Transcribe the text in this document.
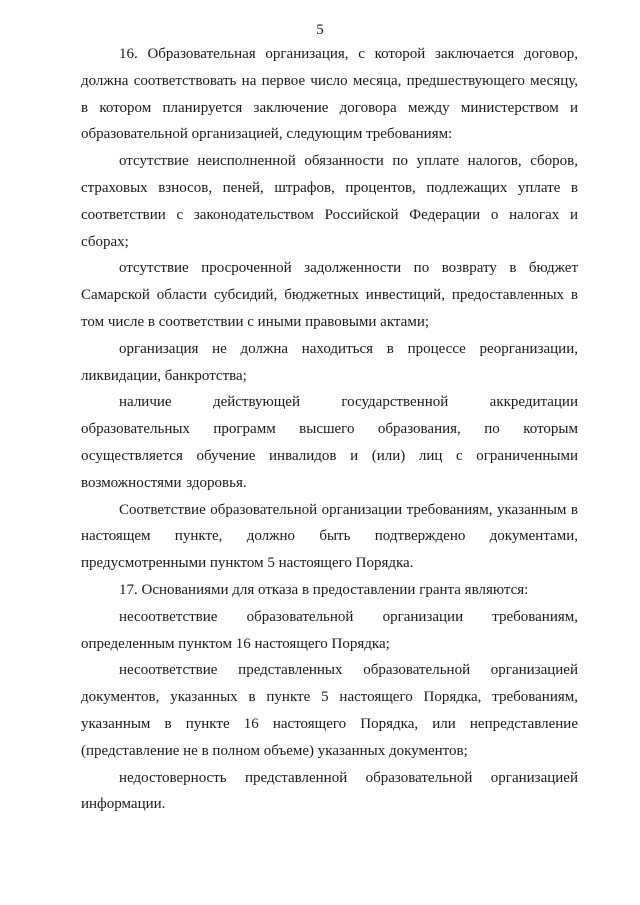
5

16. Образовательная организация, с которой заключается договор, должна соответствовать на первое число месяца, предшествующего месяцу, в котором планируется заключение договора между министерством и образовательной организацией, следующим требованиям:

отсутствие неисполненной обязанности по уплате налогов, сборов, страховых взносов, пеней, штрафов, процентов, подлежащих уплате в соответствии с законодательством Российской Федерации о налогах и сборах;

отсутствие просроченной задолженности по возврату в бюджет Самарской области субсидий, бюджетных инвестиций, предоставленных в том числе в соответствии с иными правовыми актами;

организация не должна находиться в процессе реорганизации, ликвидации, банкротства;

наличие действующей государственной аккредитации образовательных программ высшего образования, по которым осуществляется обучение инвалидов и (или) лиц с ограниченными возможностями здоровья.

Соответствие образовательной организации требованиям, указанным в настоящем пункте, должно быть подтверждено документами, предусмотренными пунктом 5 настоящего Порядка.

17. Основаниями для отказа в предоставлении гранта являются:

несоответствие образовательной организации требованиям, определенным пунктом 16 настоящего Порядка;

несоответствие представленных образовательной организацией документов, указанных в пункте 5 настоящего Порядка, требованиям, указанным в пункте 16 настоящего Порядка, или непредставление (представление не в полном объеме) указанных документов;

недостоверность представленной образовательной организацией информации.
